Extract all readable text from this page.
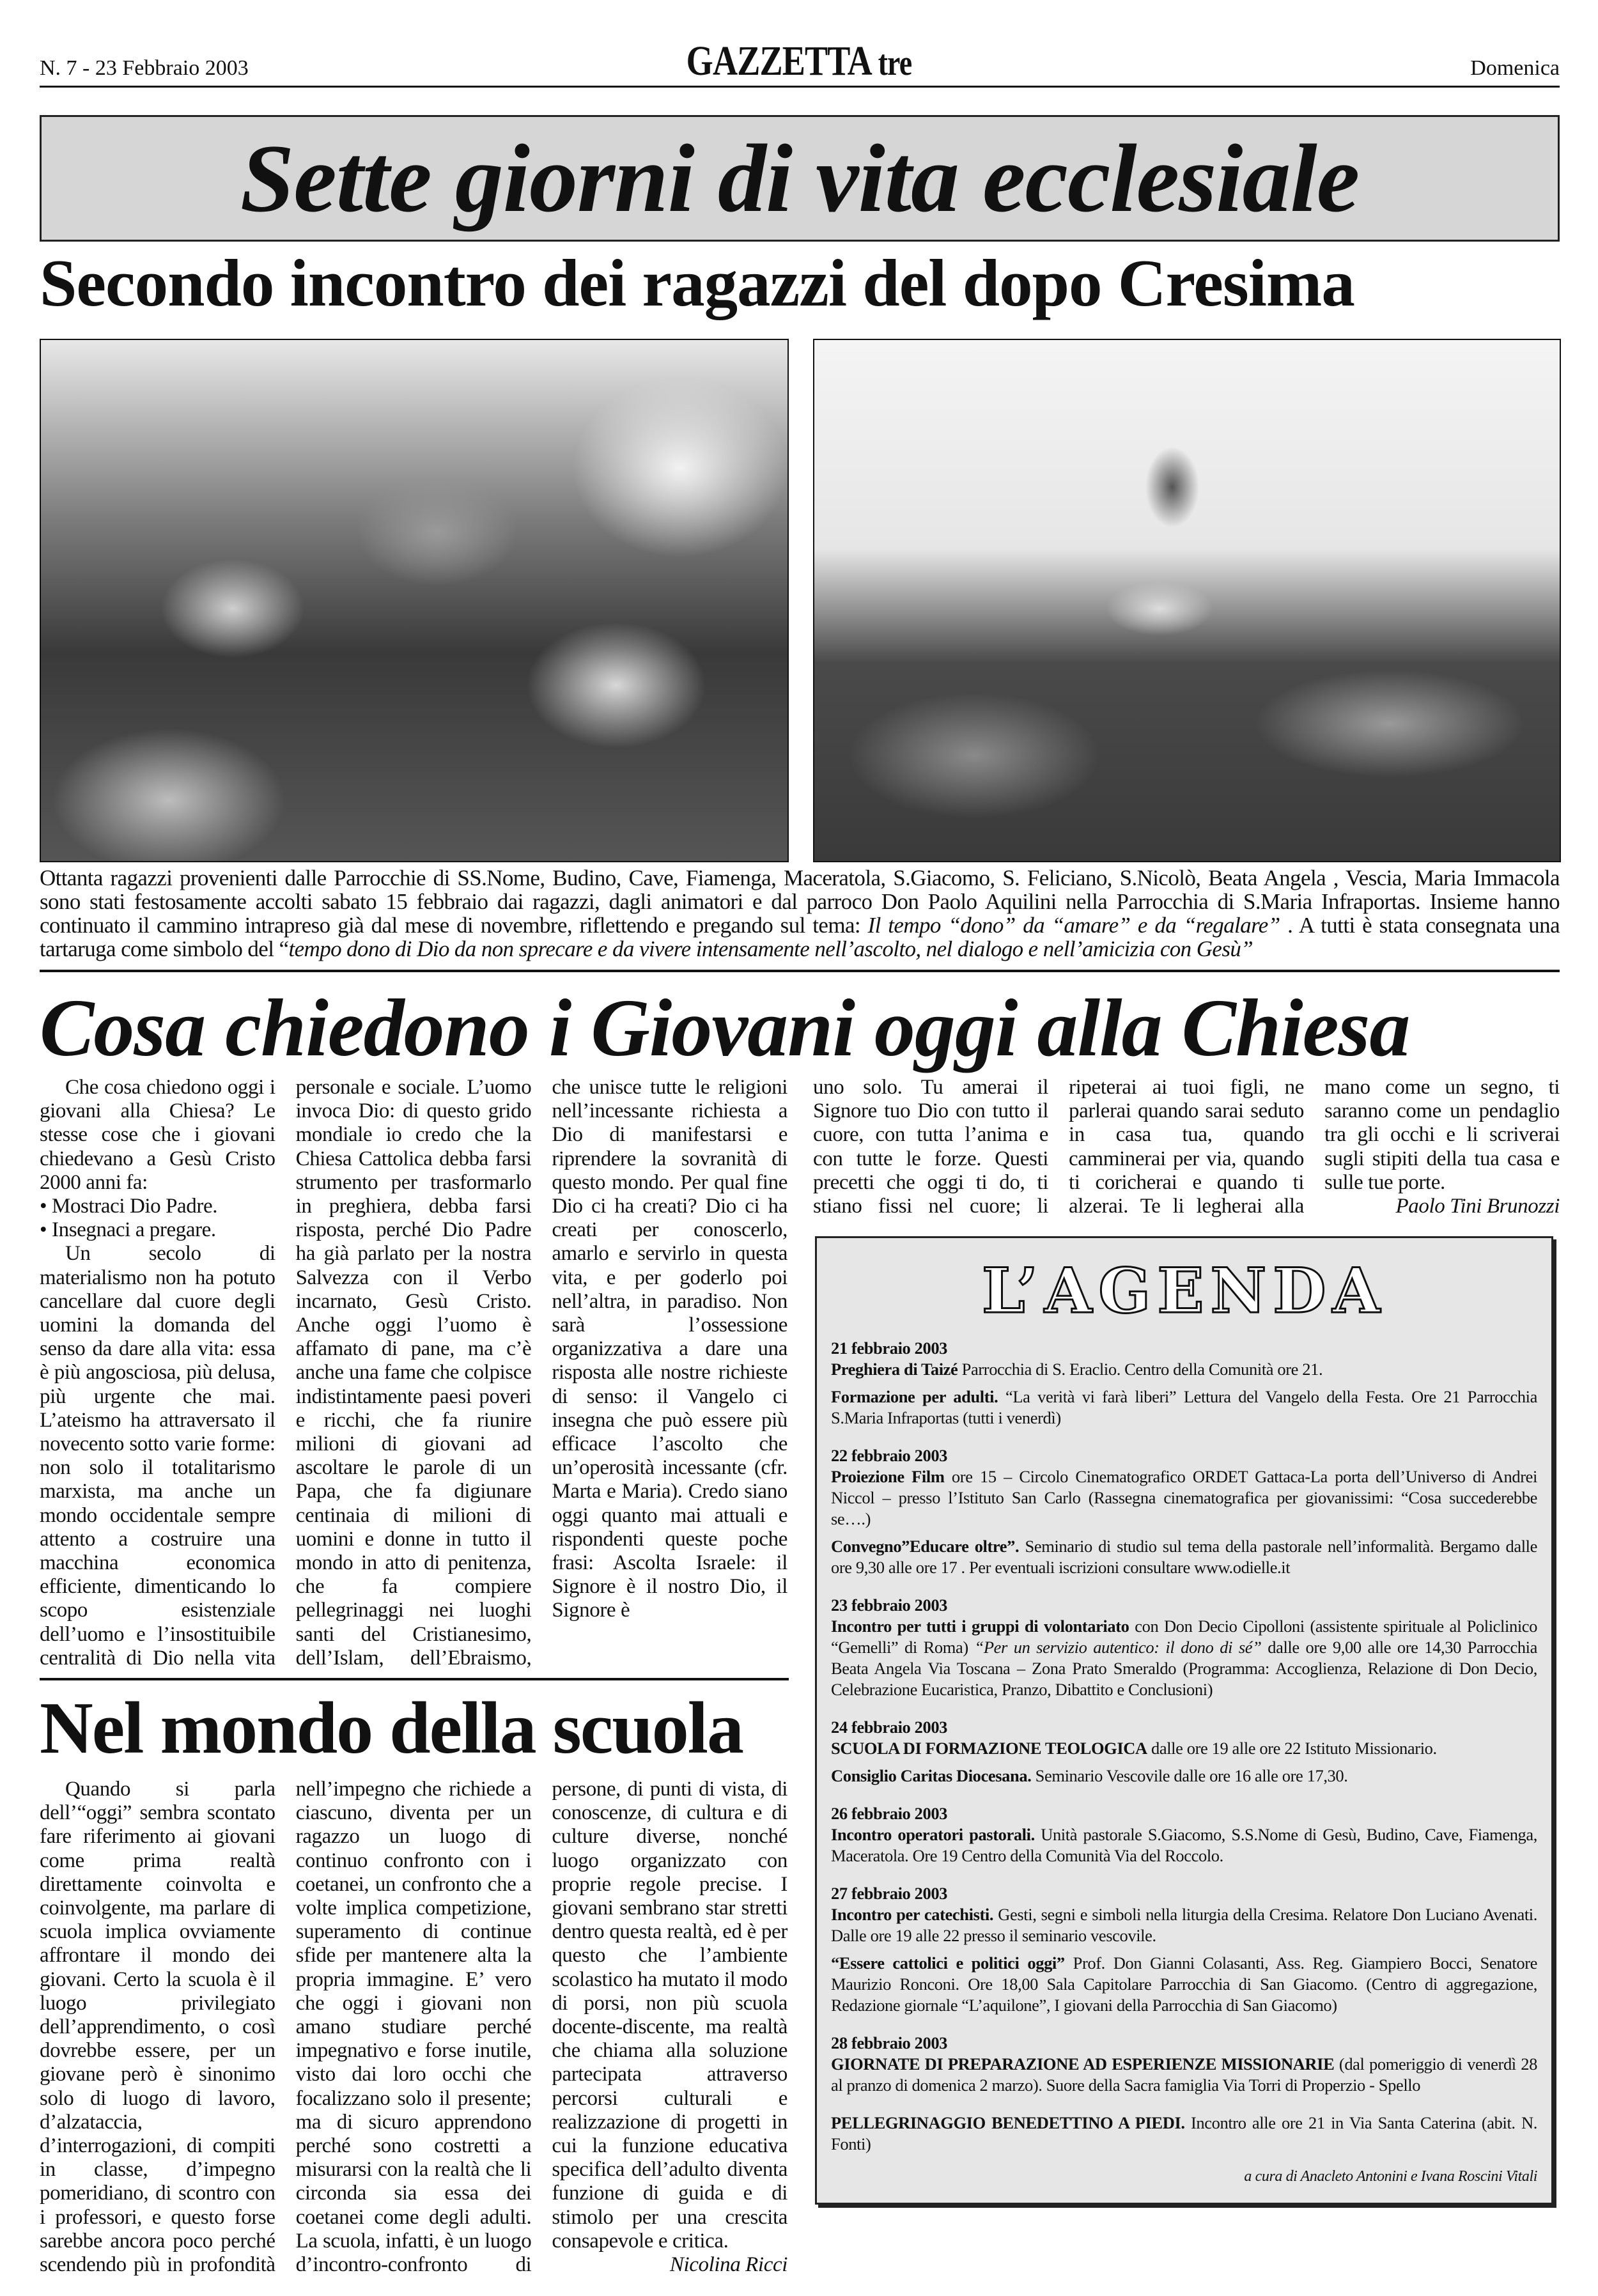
N. 7 - 23 Febbraio 2003	GAZZETTA tre	Domenica
Sette giorni di vita ecclesiale
Secondo incontro dei ragazzi del dopo Cresima
Ottanta ragazzi provenienti dalle Parrocchie di SS.Nome, Budino, Cave, Fiamenga, Maceratola, S.Giacomo, S. Feliciano, S.Nicolò, Beata Angela , Vescia, Maria Immacola sono stati festosamente accolti sabato 15 febbraio dai ragazzi, dagli animatori e dal parroco Don Paolo Aquilini nella Parrocchia di S.Maria Infraportas. Insieme hanno continuato il cammino intrapreso già dal mese di novembre, riflettendo e pregando sul tema: Il tempo “dono” da “amare” e da “regalare” . A tutti è stata consegnata una tartaruga come simbolo del “tempo dono di Dio da non sprecare e da vivere intensamente nell’ascolto, nel dialogo e nell’amicizia con Gesù”
Cosa chiedono i Giovani oggi alla Chiesa

Che cosa chiedono oggi i giovani alla Chiesa? Le stesse cose che i giovani chiedevano a Gesù Cristo 2000 anni fa:

• Mostraci Dio Padre.

• Insegnaci a pregare.

Un secolo di materialismo non ha potuto cancellare dal cuore degli uomini la domanda del senso da dare alla vita: essa è più angosciosa, più delusa, più urgente che mai. L’ateismo ha attraversato il novecento sotto varie forme: non solo il totalitarismo marxista, ma anche un mondo occidentale sempre attento a costruire una macchina economica efficiente, dimenticando lo scopo esistenziale dell’uomo e l’insostituibile centralità di Dio nella vita personale e sociale. L’uomo invoca Dio: di questo grido mondiale io credo che la Chiesa Cattolica debba farsi strumento per trasformarlo in preghiera, debba farsi risposta, perché Dio Padre ha già parlato per la nostra Salvezza con il Verbo incarnato, Gesù Cristo. Anche oggi l’uomo è affamato di pane, ma c’è anche una fame che colpisce indistintamente paesi poveri e ricchi, che fa riunire milioni di giovani ad ascoltare le parole di un Papa, che fa digiunare centinaia di milioni di uomini e donne in tutto il mondo in atto di penitenza, che fa compiere pellegrinaggi nei luoghi santi del Cristianesimo, dell’Islam, dell’Ebraismo, che unisce tutte le religioni nell’incessante richiesta a Dio di manifestarsi e riprendere la sovranità di questo mondo. Per qual fine Dio ci ha creati? Dio ci ha creati per conoscerlo, amarlo e servirlo in questa vita, e per goderlo poi nell’altra, in paradiso. Non sarà l’ossessione organizzativa a dare una risposta alle nostre richieste di senso: il Vangelo ci insegna che può essere più efficace l’ascolto che un’operosità incessante (cfr. Marta e Maria). Credo siano oggi quanto mai attuali e rispondenti queste poche frasi: Ascolta Israele: il Signore è il nostro Dio, il Signore è

uno solo. Tu amerai il Signore tuo Dio con tutto il cuore, con tutta l’anima e con tutte le forze. Questi precetti che oggi ti do, ti stiano fissi nel cuore; li ripeterai ai tuoi figli, ne parlerai quando sarai seduto in casa tua, quando camminerai per via, quando ti coricherai e quando ti alzerai. Te li legherai alla mano come un segno, ti saranno come un pendaglio tra gli occhi e li scriverai sugli stipiti della tua casa e sulle tue porte.

Paolo Tini Brunozzi

Nel mondo della scuola

Quando si parla dell’“oggi” sembra scontato fare riferimento ai giovani come prima realtà direttamente coinvolta e coinvolgente, ma parlare di scuola implica ovviamente affrontare il mondo dei giovani. Certo la scuola è il luogo privilegiato dell’apprendimento, o così dovrebbe essere, per un giovane però è sinonimo solo di luogo di lavoro, d’alzataccia, d’interrogazioni, di compiti in classe, d’impegno pomeridiano, di scontro con i professori, e questo forse sarebbe ancora poco perché scendendo più in profondità nell’impegno che richiede a ciascuno, diventa per un ragazzo un luogo di continuo confronto con i coetanei, un confronto che a volte implica competizione, superamento di continue sfide per mantenere alta la propria immagine. E’ vero che oggi i giovani non amano studiare perché impegnativo e forse inutile, visto dai loro occhi che focalizzano solo il presente; ma di sicuro apprendono perché sono costretti a misurarsi con la realtà che li circonda sia essa dei coetanei come degli adulti. La scuola, infatti, è un luogo d’incontro-confronto di persone, di punti di vista, di conoscenze, di cultura e di culture diverse, nonché luogo organizzato con proprie regole precise. I giovani sembrano star stretti dentro questa realtà, ed è per questo che l’ambiente scolastico ha mutato il modo di porsi, non più scuola docente-discente, ma realtà che chiama alla soluzione partecipata attraverso percorsi culturali e realizzazione di progetti in cui la funzione educativa specifica dell’adulto diventa funzione di guida e di stimolo per una crescita consapevole e critica.

Nicolina Ricci

L’AGENDA
21 febbraio 2003
Preghiera di Taizé Parrocchia di S. Eraclio. Centro della Comunità ore 21.
Formazione per adulti. “La verità vi farà liberi” Lettura del Vangelo della Festa. Ore 21 Parrocchia S.Maria Infraportas (tutti i venerdì)
22 febbraio 2003
Proiezione Film ore 15 – Circolo Cinematografico ORDET Gattaca-La porta dell’Universo di Andrei Niccol – presso l’Istituto San Carlo (Rassegna cinematografica per giovanissimi: “Cosa succederebbe se….)
Convegno”Educare oltre”. Seminario di studio sul tema della pastorale nell’informalità. Bergamo dalle ore 9,30 alle ore 17 . Per eventuali iscrizioni consultare www.odielle.it
23 febbraio 2003
Incontro per tutti i gruppi di volontariato con Don Decio Cipolloni (assistente spirituale al Policlinico “Gemelli” di Roma) “Per un servizio autentico: il dono di sé” dalle ore 9,00 alle ore 14,30 Parrocchia Beata Angela Via Toscana – Zona Prato Smeraldo (Programma: Accoglienza, Relazione di Don Decio, Celebrazione Eucaristica, Pranzo, Dibattito e Conclusioni)
24 febbraio 2003
SCUOLA DI FORMAZIONE TEOLOGICA dalle ore 19 alle ore 22 Istituto Missionario.
Consiglio Caritas Diocesana. Seminario Vescovile dalle ore 16 alle ore 17,30.
26 febbraio 2003
Incontro operatori pastorali. Unità pastorale S.Giacomo, S.S.Nome di Gesù, Budino, Cave, Fiamenga, Maceratola. Ore 19 Centro della Comunità Via del Roccolo.
27 febbraio 2003
Incontro per catechisti. Gesti, segni e simboli nella liturgia della Cresima. Relatore Don Luciano Avenati. Dalle ore 19 alle 22 presso il seminario vescovile.
“Essere cattolici e politici oggi” Prof. Don Gianni Colasanti, Ass. Reg. Giampiero Bocci, Senatore Maurizio Ronconi. Ore 18,00 Sala Capitolare Parrocchia di San Giacomo. (Centro di aggregazione, Redazione giornale “L’aquilone”, I giovani della Parrocchia di San Giacomo)
28 febbraio 2003
GIORNATE DI PREPARAZIONE AD ESPERIENZE MISSIONARIE (dal pomeriggio di venerdì 28 al pranzo di domenica 2 marzo). Suore della Sacra famiglia Via Torri di Properzio - Spello
PELLEGRINAGGIO BENEDETTINO A PIEDI. Incontro alle ore 21 in Via Santa Caterina (abit. N. Fonti)
a cura di Anacleto Antonini e Ivana Roscini Vitali
